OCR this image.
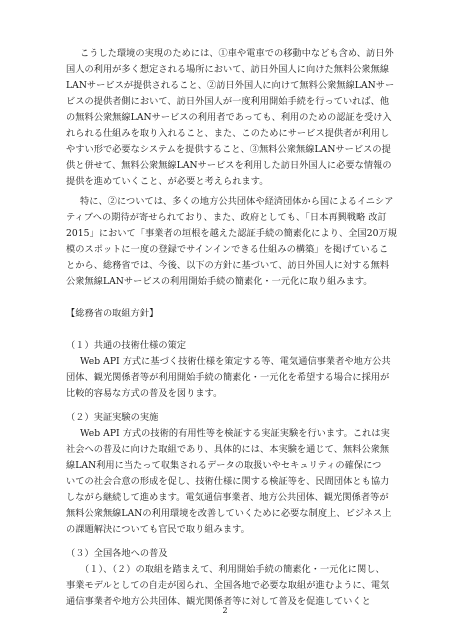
こうした環境の実現のためには、①車や電車での移動中なども含め、訪日外
国人の利用が多く想定される場所において、訪日外国人に向けた無料公衆無線
LANサービスが提供されること、②訪日外国人に向けて無料公衆無線LANサー
ビスの提供者側において、訪日外国人が一度利用開始手続を行っていれば、他
の無料公衆無線LANサービスの利用者であっても、利用のための認証を受け入
れられる仕組みを取り入れること、また、このためにサービス提供者が利用し
やすい形で必要なシステムを提供すること、③無料公衆無線LANサービスの提
供と併せて、無料公衆無線LANサービスを利用した訪日外国人に必要な情報の
提供を進めていくこと、が必要と考えられます。
特に、②については、多くの地方公共団体や経済団体から国によるイニシア
ティブへの期待が寄せられており、また、政府としても、「日本再興戦略 改訂
2015」において「事業者の垣根を越えた認証手続の簡素化により、全国20万規
模のスポットに一度の登録でサインインできる仕組みの構築」を掲げているこ
とから、総務省では、今後、以下の方針に基づいて、訪日外国人に対する無料
公衆無線LANサービスの利用開始手続の簡素化・一元化に取り組みます。
【総務省の取組方針】
（１）共通の技術仕様の策定
Web API 方式に基づく技術仕様を策定する等、電気通信事業者や地方公共
団体、観光関係者等が利用開始手続の簡素化・一元化を希望する場合に採用が
比較的容易な方式の普及を図ります。
（２）実証実験の実施
Web API 方式の技術的有用性等を検証する実証実験を行います。これは実
社会への普及に向けた取組であり、具体的には、本実験を通じて、無料公衆無
線LAN利用に当たって収集されるデータの取扱いやセキュリティの確保につ
いての社会合意の形成を促し、技術仕様に関する検証等を、民間団体とも協力
しながら継続して進めます。電気通信事業者、地方公共団体、観光関係者等が
無料公衆無線LANの利用環境を改善していくために必要な制度上、ビジネス上
の課題解決についても官民で取り組みます。
（３）全国各地への普及
（１）、（２）の取組を踏まえて、利用開始手続の簡素化・一元化に関し、
事業モデルとしての自走が図られ、全国各地で必要な取組が進むように、電気
通信事業者や地方公共団体、観光関係者等に対して普及を促進していくと
2
